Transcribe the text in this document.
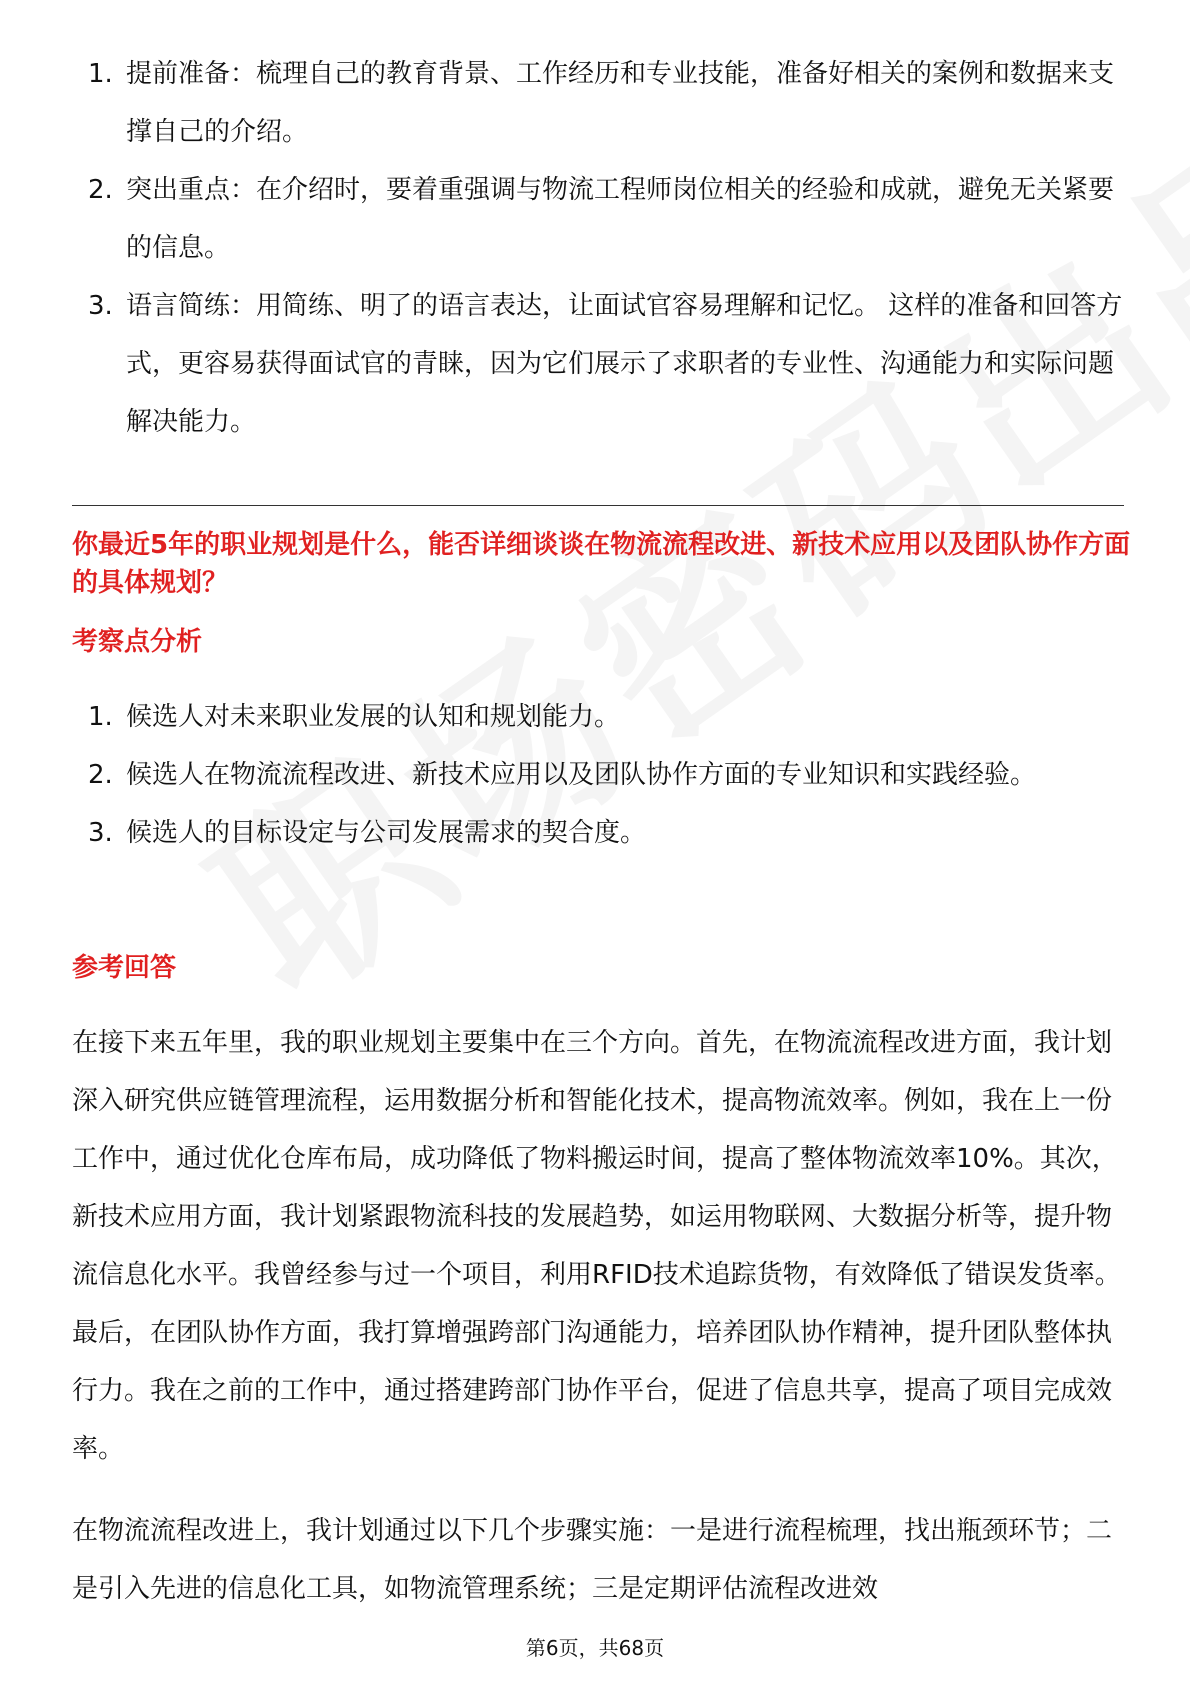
1. 提前准备：梳理自己的教育背景、工作经历和专业技能，准备好相关的案例和数据来支撑自己的介绍。
2. 突出重点：在介绍时，要着重强调与物流工程师岗位相关的经验和成就，避免无关紧要的信息。
3. 语言简练：用简练、明了的语言表达，让面试官容易理解和记忆。 这样的准备和回答方式，更容易获得面试官的青睐，因为它们展示了求职者的专业性、沟通能力和实际问题解决能力。
你最近5年的职业规划是什么，能否详细谈谈在物流流程改进、新技术应用以及团队协作方面的具体规划？
考察点分析
1. 候选人对未来职业发展的认知和规划能力。
2. 候选人在物流流程改进、新技术应用以及团队协作方面的专业知识和实践经验。
3. 候选人的目标设定与公司发展需求的契合度。
参考回答

在接下来五年里，我的职业规划主要集中在三个方向。首先，在物流流程改进方面，我计划深入研究供应链管理流程，运用数据分析和智能化技术，提高物流效率。例如，我在上一份工作中，通过优化仓库布局，成功降低了物料搬运时间，提高了整体物流效率10%。其次，新技术应用方面，我计划紧跟物流科技的发展趋势，如运用物联网、大数据分析等，提升物流信息化水平。我曾经参与过一个项目，利用RFID技术追踪货物，有效降低了错误发货率。最后，在团队协作方面，我打算增强跨部门沟通能力，培养团队协作精神，提升团队整体执行力。我在之前的工作中，通过搭建跨部门协作平台，促进了信息共享，提高了项目完成效率。

在物流流程改进上，我计划通过以下几个步骤实施：一是进行流程梳理，找出瓶颈环节；二是引入先进的信息化工具，如物流管理系统；三是定期评估流程改进效

第6页，共68页
